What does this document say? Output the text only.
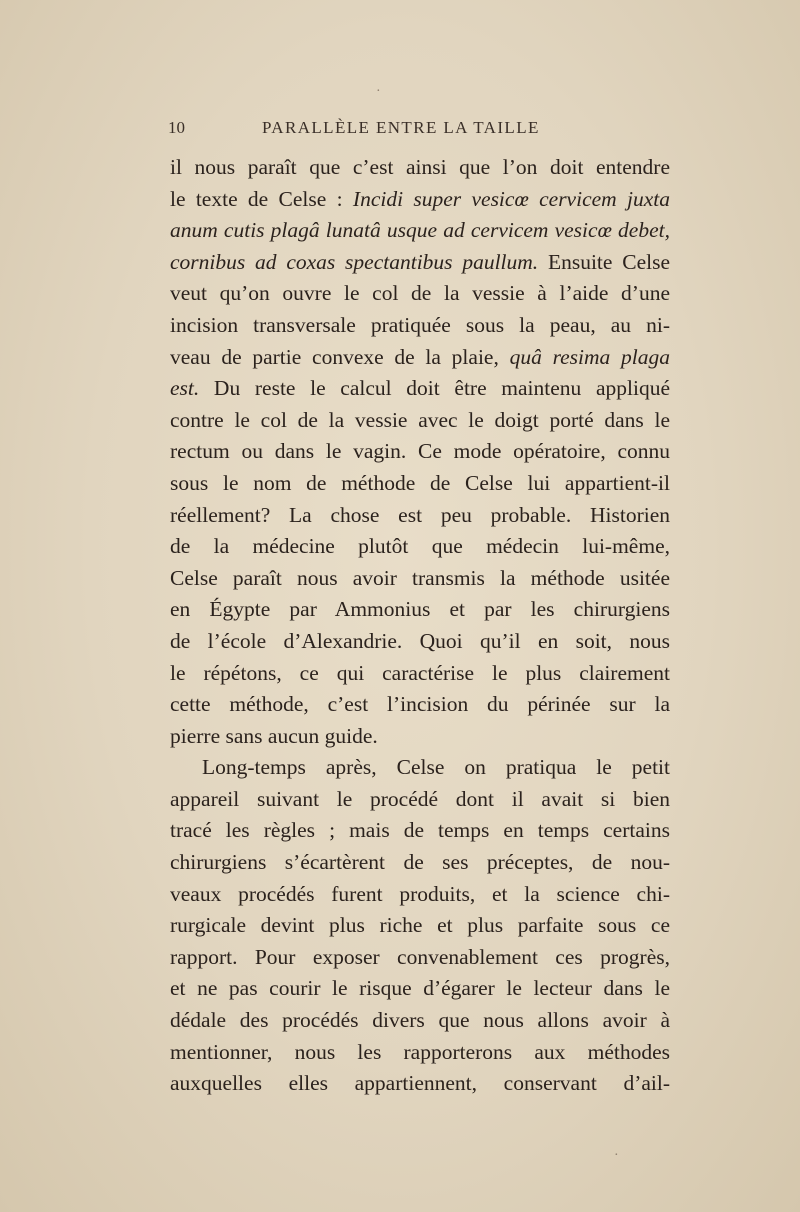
10	PARALLÈLE ENTRE LA TAILLE
il nous paraît que c’est ainsi que l’on doit entendre
le texte de Celse : Incidi super vesicœ cervicem juxta
anum cutis plagâ lunatâ usque ad cervicem vesicœ debet,
cornibus ad coxas spectantibus paullum. Ensuite Celse
veut qu’on ouvre le col de la vessie à l’aide d’une
incision transversale pratiquée sous la peau, au ni-
veau de partie convexe de la plaie, quâ resima plaga
est. Du reste le calcul doit être maintenu appliqué
contre le col de la vessie avec le doigt porté dans le
rectum ou dans le vagin. Ce mode opératoire, connu
sous le nom de méthode de Celse lui appartient-il
réellement? La chose est peu probable. Historien
de la médecine plutôt que médecin lui-même,
Celse paraît nous avoir transmis la méthode usitée
en Égypte par Ammonius et par les chirurgiens
de l’école d’Alexandrie. Quoi qu’il en soit, nous
le répétons, ce qui caractérise le plus clairement
cette méthode, c’est l’incision du périnée sur la
pierre sans aucun guide.
Long-temps après, Celse on pratiqua le petit
appareil suivant le procédé dont il avait si bien
tracé les règles ; mais de temps en temps certains
chirurgiens s’écartèrent de ses préceptes, de nou-
veaux procédés furent produits, et la science chi-
rurgicale devint plus riche et plus parfaite sous ce
rapport. Pour exposer convenablement ces progrès,
et ne pas courir le risque d’égarer le lecteur dans le
dédale des procédés divers que nous allons avoir à
mentionner, nous les rapporterons aux méthodes
auxquelles elles appartiennent, conservant d’ail-
·
·
